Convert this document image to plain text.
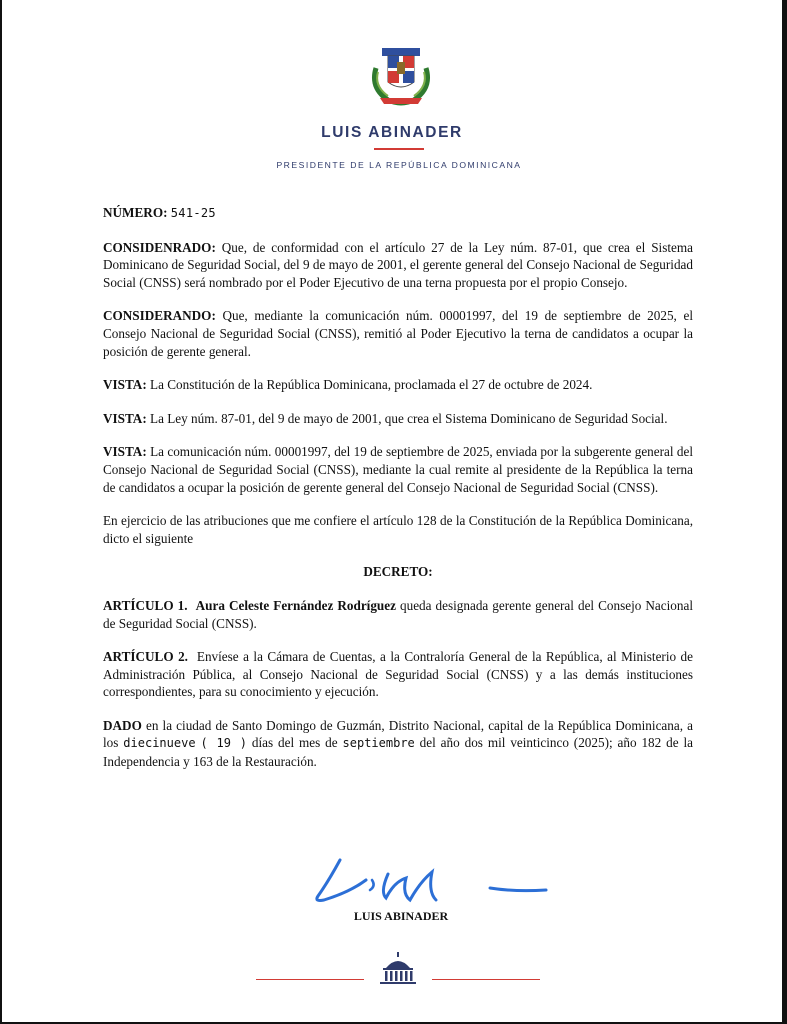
LUIS ABINADER
PRESIDENTE DE LA REPÚBLICA DOMINICANA

NÚMERO: 541-25

CONSIDENRADO: Que, de conformidad con el artículo 27 de la Ley núm. 87-01, que crea el Sistema Dominicano de Seguridad Social, del 9 de mayo de 2001, el gerente general del Consejo Nacional de Seguridad Social (CNSS) será nombrado por el Poder Ejecutivo de una terna propuesta por el propio Consejo.

CONSIDERANDO: Que, mediante la comunicación núm. 00001997, del 19 de septiembre de 2025, el Consejo Nacional de Seguridad Social (CNSS), remitió al Poder Ejecutivo la terna de candidatos a ocupar la posición de gerente general.

VISTA: La Constitución de la República Dominicana, proclamada el 27 de octubre de 2024.

VISTA: La Ley núm. 87-01, del 9 de mayo de 2001, que crea el Sistema Dominicano de Seguridad Social.

VISTA: La comunicación núm. 00001997, del 19 de septiembre de 2025, enviada por la subgerente general del Consejo Nacional de Seguridad Social (CNSS), mediante la cual remite al presidente de la República la terna de candidatos a ocupar la posición de gerente general del Consejo Nacional de Seguridad Social (CNSS).

En ejercicio de las atribuciones que me confiere el artículo 128 de la Constitución de la República Dominicana, dicto el siguiente

DECRETO:

ARTÍCULO 1. Aura Celeste Fernández Rodríguez queda designada gerente general del Consejo Nacional de Seguridad Social (CNSS).

ARTÍCULO 2.  Envíese a la Cámara de Cuentas, a la Contraloría General de la República, al Ministerio de Administración Pública, al Consejo Nacional de Seguridad Social (CNSS) y a las demás instituciones correspondientes, para su conocimiento y ejecución.

DADO en la ciudad de Santo Domingo de Guzmán, Distrito Nacional, capital de la República Dominicana, a los diecinueve ( 19 ) días del mes de septiembre del año dos mil veinticinco (2025); año 182 de la Independencia y 163 de la Restauración.

LUIS ABINADER
